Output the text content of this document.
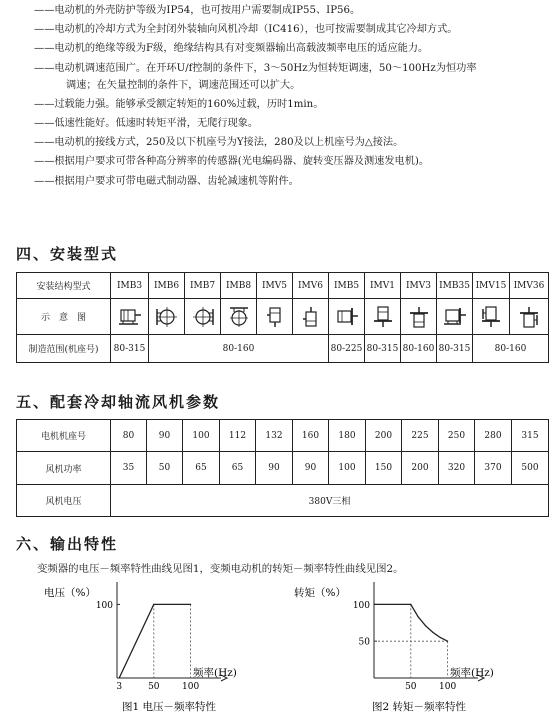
——电动机的外壳防护等级为IP54，也可按用户需要制成IP55、IP56。
——电动机的冷却方式为全封闭外装轴向风机冷却（IC416），也可按需要制成其它冷却方式。
——电动机的绝缘等级为F级，绝缘结构具有对变频器输出高载波频率电压的适应能力。
——电动机调速范围广。在开环U/f控制的条件下，3～50Hz为恒转矩调速，50～100Hz为恒功率
调速；在矢量控制的条件下，调速范围还可以扩大。
——过载能力强。能够承受额定转矩的160%过载，历时1min。
——低速性能好。低速时转矩平滑，无爬行现象。
——电动机的接线方式，250及以下机座号为Y接法，280及以上机座号为△接法。
——根据用户要求可带各种高分辨率的传感器(光电编码器、旋转变压器及测速发电机)。
——根据用户要求可带电磁式制动器、齿轮减速机等附件。
四、安装型式
安装结构型式	IMB3	IMB6	IMB7	IMB8	IMV5	IMV6	IMB5	IMV1	IMV3	IMB35	IMV15	IMV36
示　意　图	

制造范围(机座号)	80-315	80-160					80-225	80-315	80-160	80-315	80-160	
五、配套冷却轴流风机参数
电机机座号	80	90	100	112	132	160	180	200	225	250	280	315
风机功率	35	50	65	65	90	90	100	150	200	320	370	500
风机电压	380V三相											
六、输出特性
变频器的电压－频率特性曲线见图1，变频电动机的转矩－频率特性曲线见图2。
电压（%）
频率(Hz)
图1 电压－频率特性
100
3	50 100
转矩（%）
频率(Hz)
图2 转矩－频率特性
100
50
50 100
